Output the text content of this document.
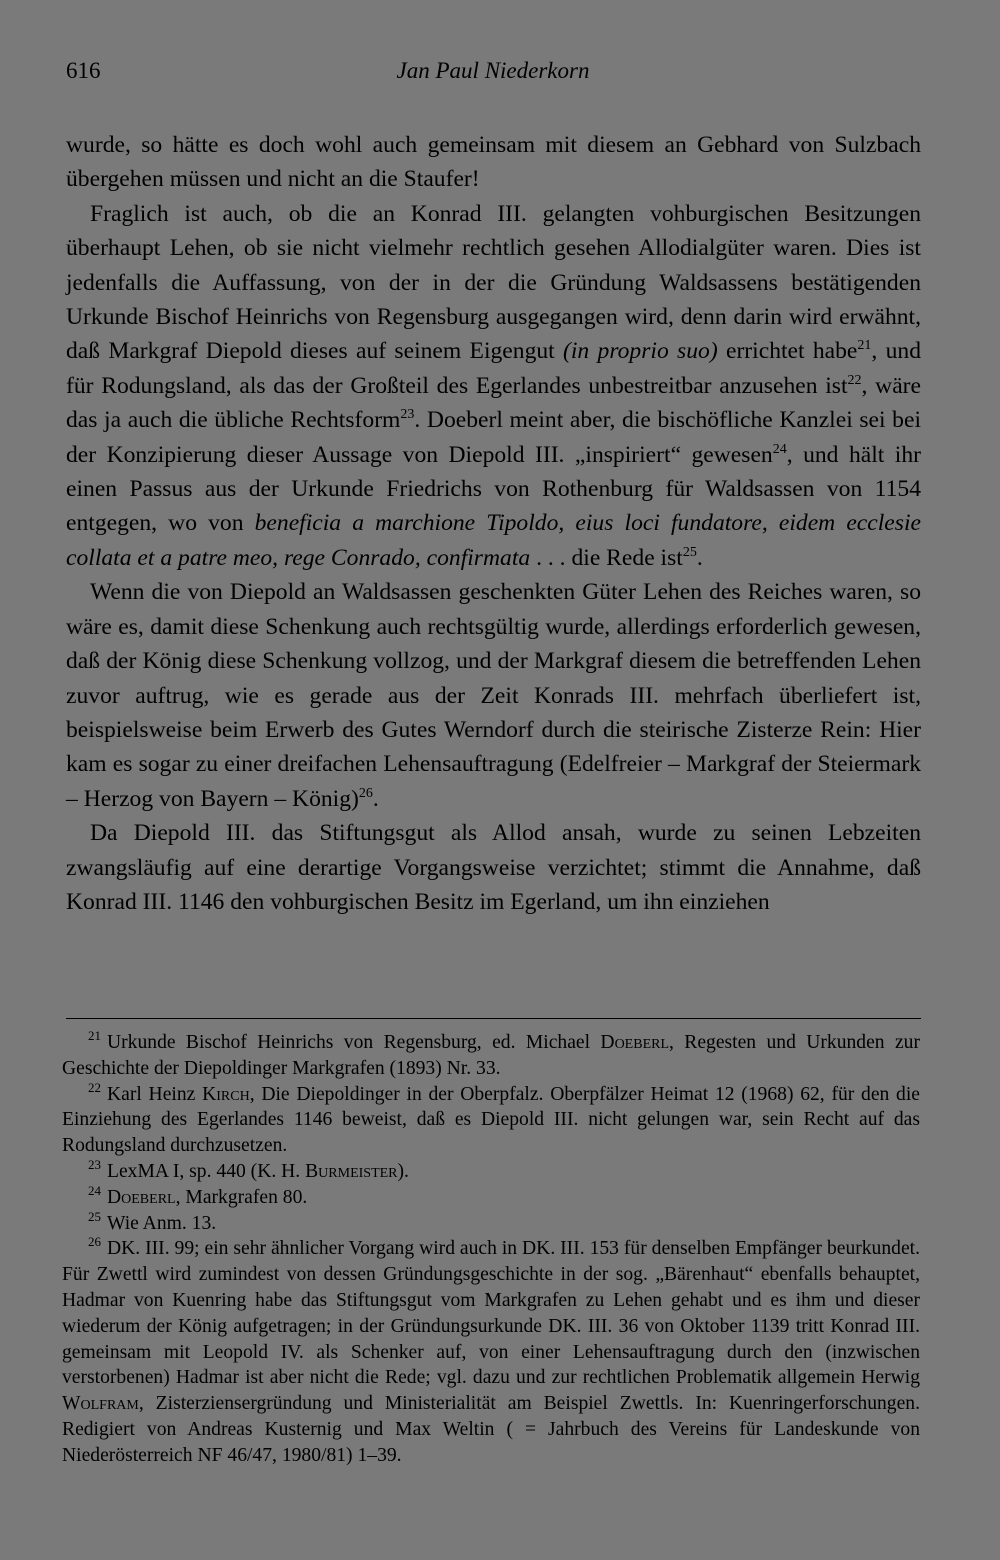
616	Jan Paul Niederkorn

wurde, so hätte es doch wohl auch gemeinsam mit diesem an Gebhard von Sulzbach übergehen müssen und nicht an die Staufer!

Fraglich ist auch, ob die an Konrad III. gelangten vohburgischen Besitzungen überhaupt Lehen, ob sie nicht vielmehr rechtlich gesehen Allodialgüter waren. Dies ist jedenfalls die Auffassung, von der in der die Gründung Waldsassens bestätigenden Urkunde Bischof Heinrichs von Regensburg ausgegangen wird, denn darin wird erwähnt, daß Markgraf Diepold dieses auf seinem Eigengut (in proprio suo) errichtet habe$^{21}$, und für Rodungsland, als das der Großteil des Egerlandes unbestreitbar anzusehen ist$^{22}$, wäre das ja auch die übliche Rechtsform$^{23}$. Doeberl meint aber, die bischöfliche Kanzlei sei bei der Konzipierung dieser Aussage von Diepold III. „inspiriert“ gewesen$^{24}$, und hält ihr einen Passus aus der Urkunde Friedrichs von Rothenburg für Waldsassen von 1154 entgegen, wo von beneficia a marchione Tipoldo, eius loci fundatore, eidem ecclesie collata et a patre meo, rege Conrado, confirmata . . . die Rede ist$^{25}$.

Wenn die von Diepold an Waldsassen geschenkten Güter Lehen des Reiches waren, so wäre es, damit diese Schenkung auch rechtsgültig wurde, allerdings erforderlich gewesen, daß der König diese Schenkung vollzog, und der Markgraf diesem die betreffenden Lehen zuvor auftrug, wie es gerade aus der Zeit Konrads III. mehrfach überliefert ist, beispielsweise beim Erwerb des Gutes Werndorf durch die steirische Zisterze Rein: Hier kam es sogar zu einer dreifachen Lehensauftragung (Edelfreier – Markgraf der Steiermark – Herzog von Bayern – König)$^{26}$.

Da Diepold III. das Stiftungsgut als Allod ansah, wurde zu seinen Lebzeiten zwangsläufig auf eine derartige Vorgangsweise verzichtet; stimmt die Annahme, daß Konrad III. 1146 den vohburgischen Besitz im Egerland, um ihn einziehen

$^{21}$ Urkunde Bischof Heinrichs von Regensburg, ed. Michael Doeberl, Regesten und Urkunden zur Geschichte der Diepoldinger Markgrafen (1893) Nr. 33.

$^{22}$ Karl Heinz Kirch, Die Diepoldinger in der Oberpfalz. Oberpfälzer Heimat 12 (1968) 62, für den die Einziehung des Egerlandes 1146 beweist, daß es Diepold III. nicht gelungen war, sein Recht auf das Rodungsland durchzusetzen.

$^{23}$ LexMA I, sp. 440 (K. H. Burmeister).

$^{24}$ Doeberl, Markgrafen 80.

$^{25}$ Wie Anm. 13.

$^{26}$ DK. III. 99; ein sehr ähnlicher Vorgang wird auch in DK. III. 153 für denselben Empfänger beurkundet. Für Zwettl wird zumindest von dessen Gründungsgeschichte in der sog. „Bärenhaut“ ebenfalls behauptet, Hadmar von Kuenring habe das Stiftungsgut vom Markgrafen zu Lehen gehabt und es ihm und dieser wiederum der König aufgetragen; in der Gründungsurkunde DK. III. 36 von Oktober 1139 tritt Konrad III. gemeinsam mit Leopold IV. als Schenker auf, von einer Lehensauftragung durch den (inzwischen verstorbenen) Hadmar ist aber nicht die Rede; vgl. dazu und zur rechtlichen Problematik allgemein Herwig Wolfram, Zisterziensergründung und Ministerialität am Beispiel Zwettls. In: Kuenringerforschungen. Redigiert von Andreas Kusternig und Max Weltin ( = Jahrbuch des Vereins für Landeskunde von Niederösterreich NF 46/47, 1980/81) 1–39.
